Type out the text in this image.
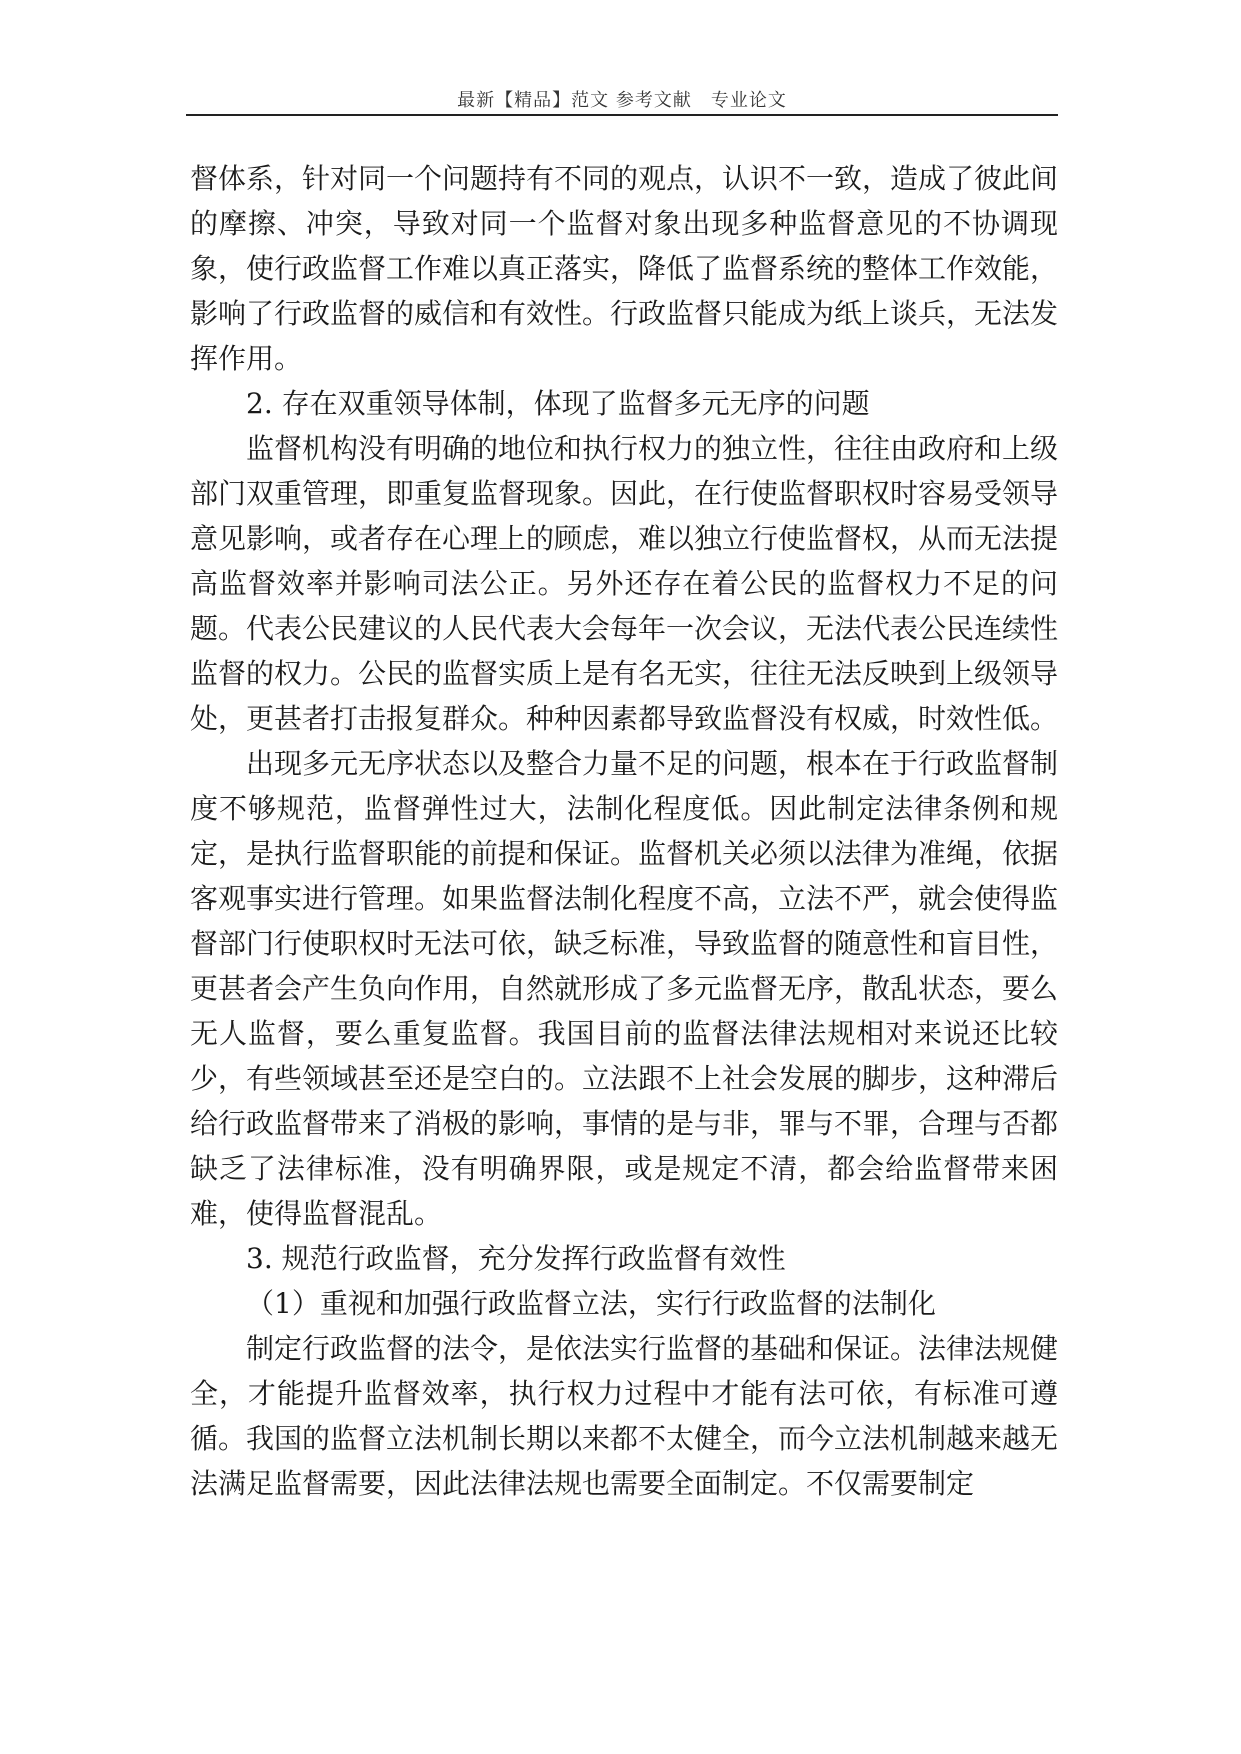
最新【精品】范文 参考文献　专业论文

督体系，针对同一个问题持有不同的观点，认识不一致，造成了彼此间的摩擦、冲突，导致对同一个监督对象出现多种监督意见的不协调现象，使行政监督工作难以真正落实，降低了监督系统的整体工作效能，影响了行政监督的威信和有效性。行政监督只能成为纸上谈兵，无法发挥作用。

2. 存在双重领导体制，体现了监督多元无序的问题

监督机构没有明确的地位和执行权力的独立性，往往由政府和上级部门双重管理，即重复监督现象。因此，在行使监督职权时容易受领导意见影响，或者存在心理上的顾虑，难以独立行使监督权，从而无法提高监督效率并影响司法公正。另外还存在着公民的监督权力不足的问题。代表公民建议的人民代表大会每年一次会议，无法代表公民连续性监督的权力。公民的监督实质上是有名无实，往往无法反映到上级领导处，更甚者打击报复群众。种种因素都导致监督没有权威，时效性低。

出现多元无序状态以及整合力量不足的问题，根本在于行政监督制度不够规范，监督弹性过大，法制化程度低。因此制定法律条例和规定，是执行监督职能的前提和保证。监督机关必须以法律为准绳，依据客观事实进行管理。如果监督法制化程度不高，立法不严，就会使得监督部门行使职权时无法可依，缺乏标准，导致监督的随意性和盲目性，更甚者会产生负向作用，自然就形成了多元监督无序，散乱状态，要么无人监督，要么重复监督。我国目前的监督法律法规相对来说还比较少，有些领域甚至还是空白的。立法跟不上社会发展的脚步，这种滞后给行政监督带来了消极的影响，事情的是与非，罪与不罪，合理与否都缺乏了法律标准，没有明确界限，或是规定不清，都会给监督带来困难，使得监督混乱。

3. 规范行政监督，充分发挥行政监督有效性

（1）重视和加强行政监督立法，实行行政监督的法制化

制定行政监督的法令，是依法实行监督的基础和保证。法律法规健全，才能提升监督效率，执行权力过程中才能有法可依，有标准可遵循。我国的监督立法机制长期以来都不太健全，而今立法机制越来越无法满足监督需要，因此法律法规也需要全面制定。不仅需要制定
